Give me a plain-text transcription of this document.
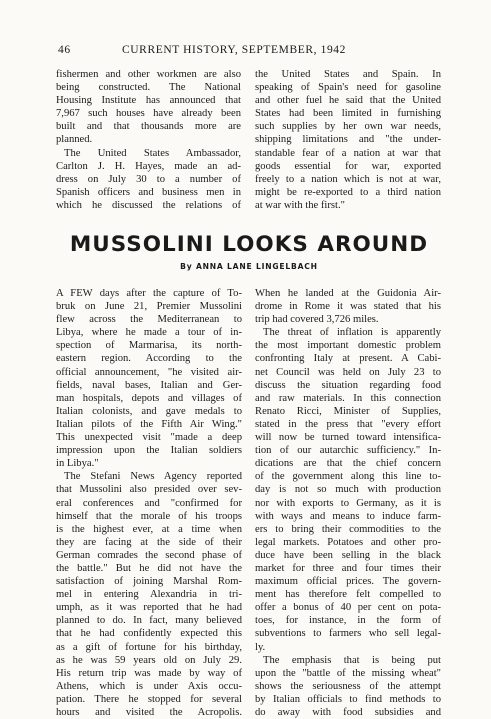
46	CURRENT HISTORY, SEPTEMBER, 1942
fishermen and other workmen are also
being constructed. The National
Housing Institute has announced that
7,967 such houses have already been
built and that thousands more are
planned.
The United States Ambassador,
Carlton J. H. Hayes, made an ad-
dress on July 30 to a number of
Spanish officers and business men in
which he discussed the relations of
the United States and Spain. In
speaking of Spain's need for gasoline
and other fuel he said that the United
States had been limited in furnishing
such supplies by her own war needs,
shipping limitations and "the under-
standable fear of a nation at war that
goods essential for war, exported
freely to a nation which is not at war,
might be re-exported to a third nation
at war with the first."
MUSSOLINI LOOKS AROUND
By ANNA LANE LINGELBACH
A FEW days after the capture of To-
bruk on June 21, Premier Mussolini
flew across the Mediterranean to
Libya, where he made a tour of in-
spection of Marmarisa, its north-
eastern region. According to the
official announcement, "he visited air-
fields, naval bases, Italian and Ger-
man hospitals, depots and villages of
Italian colonists, and gave medals to
Italian pilots of the Fifth Air Wing."
This unexpected visit "made a deep
impression upon the Italian soldiers
in Libya."
The Stefani News Agency reported
that Mussolini also presided over sev-
eral conferences and "confirmed for
himself that the morale of his troops
is the highest ever, at a time when
they are facing at the side of their
German comrades the second phase of
the battle." But he did not have the
satisfaction of joining Marshal Rom-
mel in entering Alexandria in tri-
umph, as it was reported that he had
planned to do. In fact, many believed
that he had confidently expected this
as a gift of fortune for his birthday,
as he was 59 years old on July 29.
His return trip was made by way of
Athens, which is under Axis occu-
pation. There he stopped for several
hours and visited the Acropolis.
When he landed at the Guidonia Air-
drome in Rome it was stated that his
trip had covered 3,726 miles.
The threat of inflation is apparently
the most important domestic problem
confronting Italy at present. A Cabi-
net Council was held on July 23 to
discuss the situation regarding food
and raw materials. In this connection
Renato Ricci, Minister of Supplies,
stated in the press that "every effort
will now be turned toward intensifica-
tion of our autarchic sufficiency." In-
dications are that the chief concern
of the government along this line to-
day is not so much with production
nor with exports to Germany, as it is
with ways and means to induce farm-
ers to bring their commodities to the
legal markets. Potatoes and other pro-
duce have been selling in the black
market for three and four times their
maximum official prices. The govern-
ment has therefore felt compelled to
offer a bonus of 40 per cent on pota-
toes, for instance, in the form of
subventions to farmers who sell legal-
ly.
The emphasis that is being put
upon the "battle of the missing wheat"
shows the seriousness of the attempt
by Italian officials to find methods to
do away with food subsidies and
